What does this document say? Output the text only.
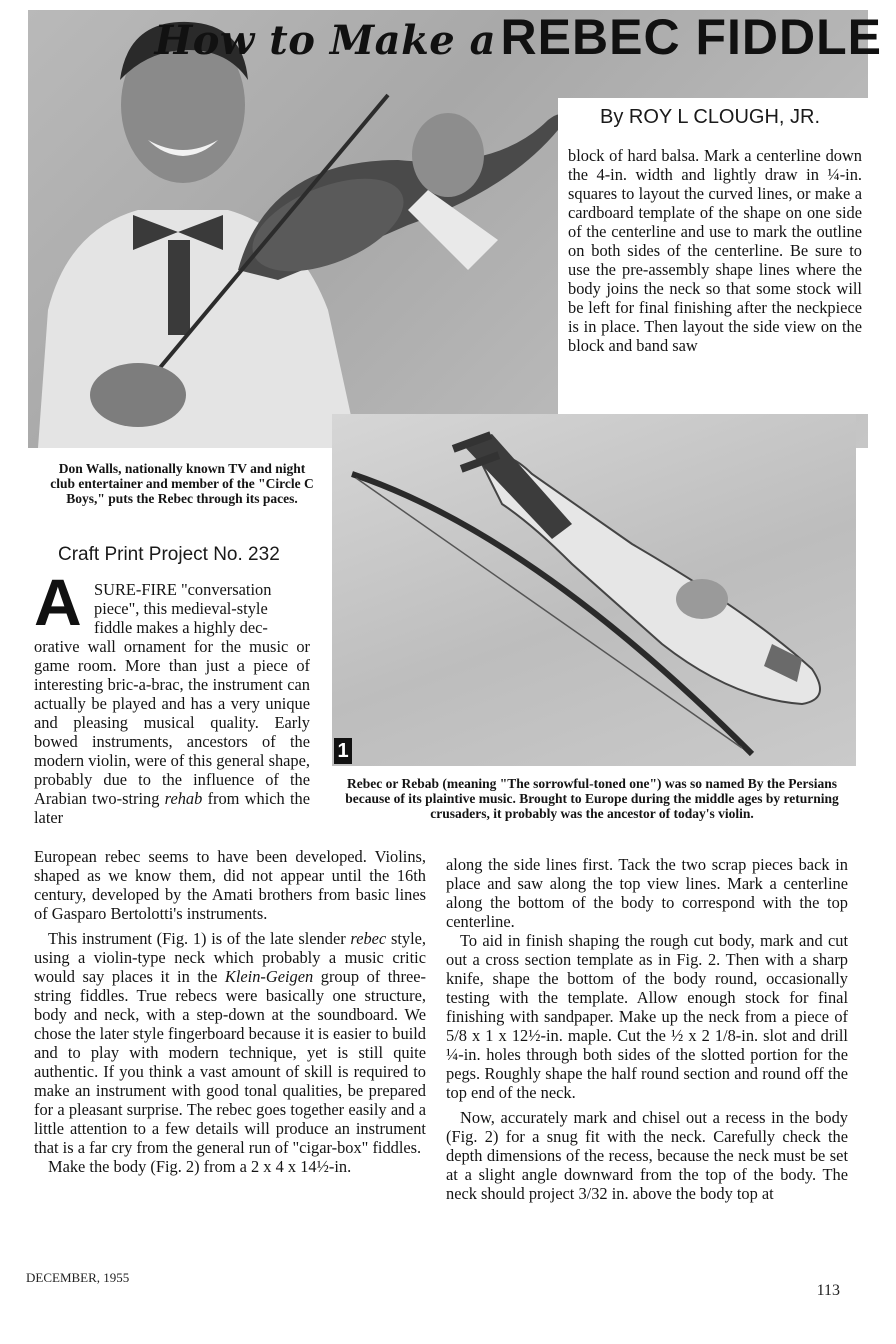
How to Make a REBEC FIDDLE
By ROY L CLOUGH, JR.

block of hard balsa. Mark a centerline down the 4-in. width and lightly draw in ¼-in. squares to layout the curved lines, or make a cardboard template of the shape on one side of the centerline and use to mark the outline on both sides of the centerline. Be sure to use the pre-assembly shape lines where the body joins the neck so that some stock will be left for final finishing after the neckpiece is in place. Then layout the side view on the block and band saw

1

Don Walls, nationally known TV and night club entertainer and member of the "Circle C Boys," puts the Rebec through its paces.

Rebec or Rebab (meaning "The sorrowful-toned one") was so named By the Persians because of its plaintive music. Brought to Europe during the middle ages by returning crusaders, it probably was the ancestor of today's violin.

Craft Print Project No. 232
A SURE-FIRE "conversation
piece", this medieval-style
fiddle makes a highly dec-
orative wall ornament for the music or game room. More than just a piece of interesting bric-a-brac, the instrument can actually be played and has a very unique and pleasing musical quality. Early bowed instruments, ancestors of the modern violin, were of this general shape, probably due to the influence of the Arabian two-string rehab from which the later

European rebec seems to have been developed. Violins, shaped as we know them, did not appear until the 16th century, developed by the Amati brothers from basic lines of Gasparo Bertolotti's instruments.

This instrument (Fig. 1) is of the late slender rebec style, using a violin-type neck which probably a music critic would say places it in the Klein-Geigen group of three-string fiddles. True rebecs were basically one structure, body and neck, with a step-down at the soundboard. We chose the later style fingerboard because it is easier to build and to play with modern technique, yet is still quite authentic. If you think a vast amount of skill is required to make an instrument with good tonal qualities, be prepared for a pleasant surprise. The rebec goes together easily and a little attention to a few details will produce an instrument that is a far cry from the general run of "cigar-box" fiddles.

Make the body (Fig. 2) from a 2 x 4 x 14½-in.

along the side lines first. Tack the two scrap pieces back in place and saw along the top view lines. Mark a centerline along the bottom of the body to correspond with the top centerline.

To aid in finish shaping the rough cut body, mark and cut out a cross section template as in Fig. 2. Then with a sharp knife, shape the bottom of the body round, occasionally testing with the template. Allow enough stock for final finishing with sandpaper. Make up the neck from a piece of 5/8 x 1 x 12½-in. maple. Cut the ½ x 2 1/8-in. slot and drill ¼-in. holes through both sides of the slotted portion for the pegs. Roughly shape the half round section and round off the top end of the neck.

Now, accurately mark and chisel out a recess in the body (Fig. 2) for a snug fit with the neck. Carefully check the depth dimensions of the recess, because the neck must be set at a slight angle downward from the top of the body. The neck should project 3/32 in. above the body top at

DECEMBER, 1955
113
